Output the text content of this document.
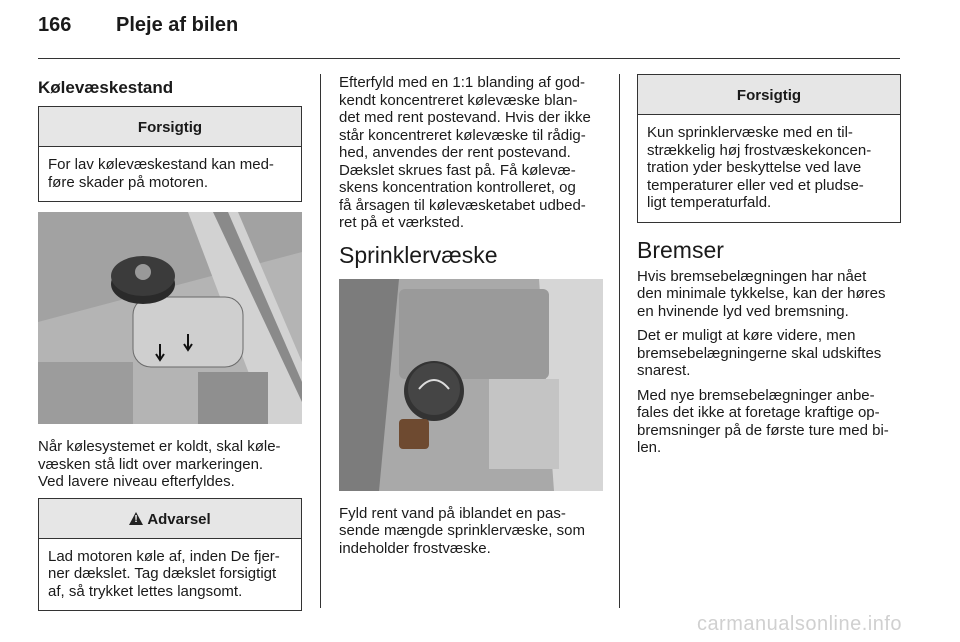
166 Pleje af bilen
Kølevæskestand
Forsigtig
For lav kølevæskestand kan med-
føre skader på motoren.

Når kølesystemet er koldt, skal køle-
væsken stå lidt over markeringen.
Ved lavere niveau efterfyldes.

!Advarsel
Lad motoren køle af, inden De fjer-
ner dækslet. Tag dækslet forsigtigt
af, så trykket lettes langsomt.

Efterfyld med en 1:1 blanding af god-
kendt koncentreret kølevæske blan-
det med rent postevand. Hvis der ikke
står koncentreret kølevæske til rådig-
hed, anvendes der rent postevand.
Dækslet skrues fast på. Få kølevæ-
skens koncentration kontrolleret, og
få årsagen til kølevæsketabet udbed-
ret på et værksted.

Sprinklervæske

Fyld rent vand på iblandet en pas-
sende mængde sprinklervæske, som
indeholder frostvæske.

Forsigtig
Kun sprinklervæske med en til-
strækkelig høj frostvæskekoncen-
tration yder beskyttelse ved lave
temperaturer eller ved et pludse-
ligt temperaturfald.
Bremser

Hvis bremsebelægningen har nået
den minimale tykkelse, kan der høres
en hvinende lyd ved bremsning.

Det er muligt at køre videre, men
bremsebelægningerne skal udskiftes
snarest.

Med nye bremsebelægninger anbe-
fales det ikke at foretage kraftige op-
bremsninger på de første ture med bi-
len.

carmanualsonline.info
